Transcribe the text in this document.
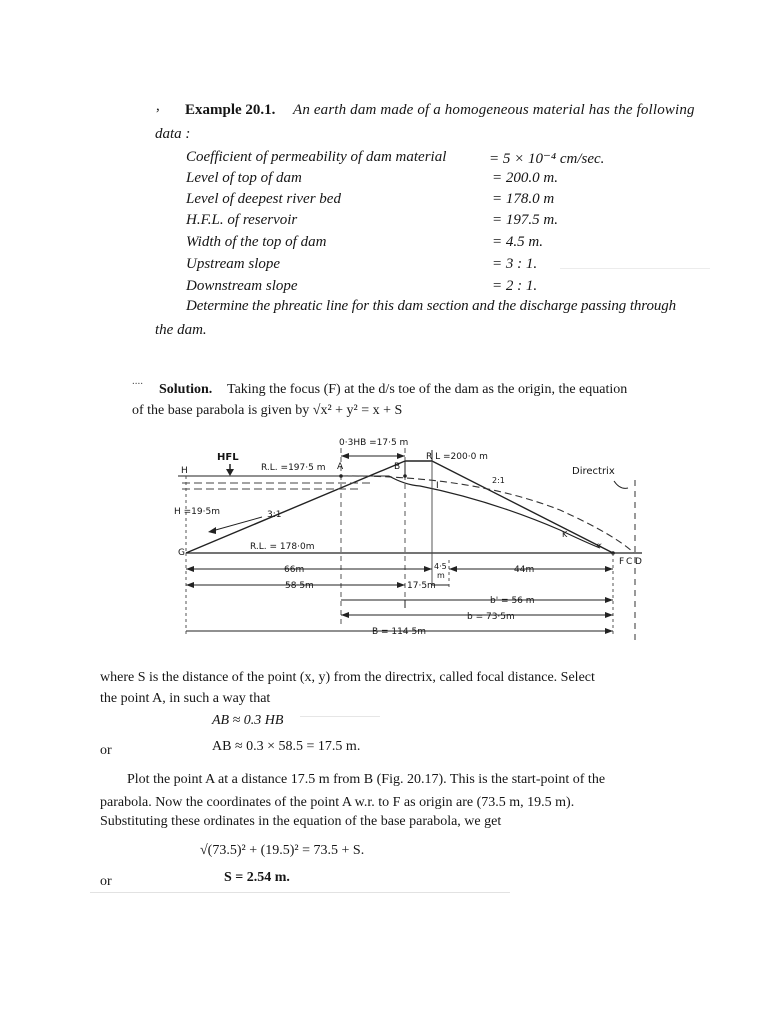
, Example 20.1. An earth dam made of a homogeneous material has the following
data :
Coefficient of permeability of dam material	= 5 × 10⁻⁴ cm/sec.
Level of top of dam	= 200.0 m.
Level of deepest river bed	= 178.0 m
H.F.L. of reservoir	= 197.5 m.
Width of the top of dam	= 4.5 m.
Upstream slope	= 3 : 1.
Downstream slope	= 2 : 1.
Determine the phreatic line for this dam section and the discharge passing through
the dam.
....
Solution. Taking the focus (F) at the d/s toe of the dam as the origin, the equation
of the base parabola is given by √x² + y² = x + S
HFL
H	R.L. =197·5 m A	B
0·3HB =17·5 m
R L =200·0 m
Directrix
H =19·5m	3:1
2:1
I
K
∝
G
R.L. = 178·0m
F C D
66m
58·5m
4·5
m
17·5m
44m
b' = 56 m
b = 73·5m
B = 114·5m
where S is the distance of the point (x, y) from the directrix, called focal distance. Select
the point A, in such a way that
AB ≈ 0.3 HB
or	AB ≈ 0.3 × 58.5 = 17.5 m.
Plot the point A at a distance 17.5 m from B (Fig. 20.17). This is the start-point of the
parabola. Now the coordinates of the point A w.r. to F as origin are (73.5 m, 19.5 m).
Substituting these ordinates in the equation of the base parabola, we get
√(73.5)² + (19.5)² = 73.5 + S.
or	S = 2.54 m.
